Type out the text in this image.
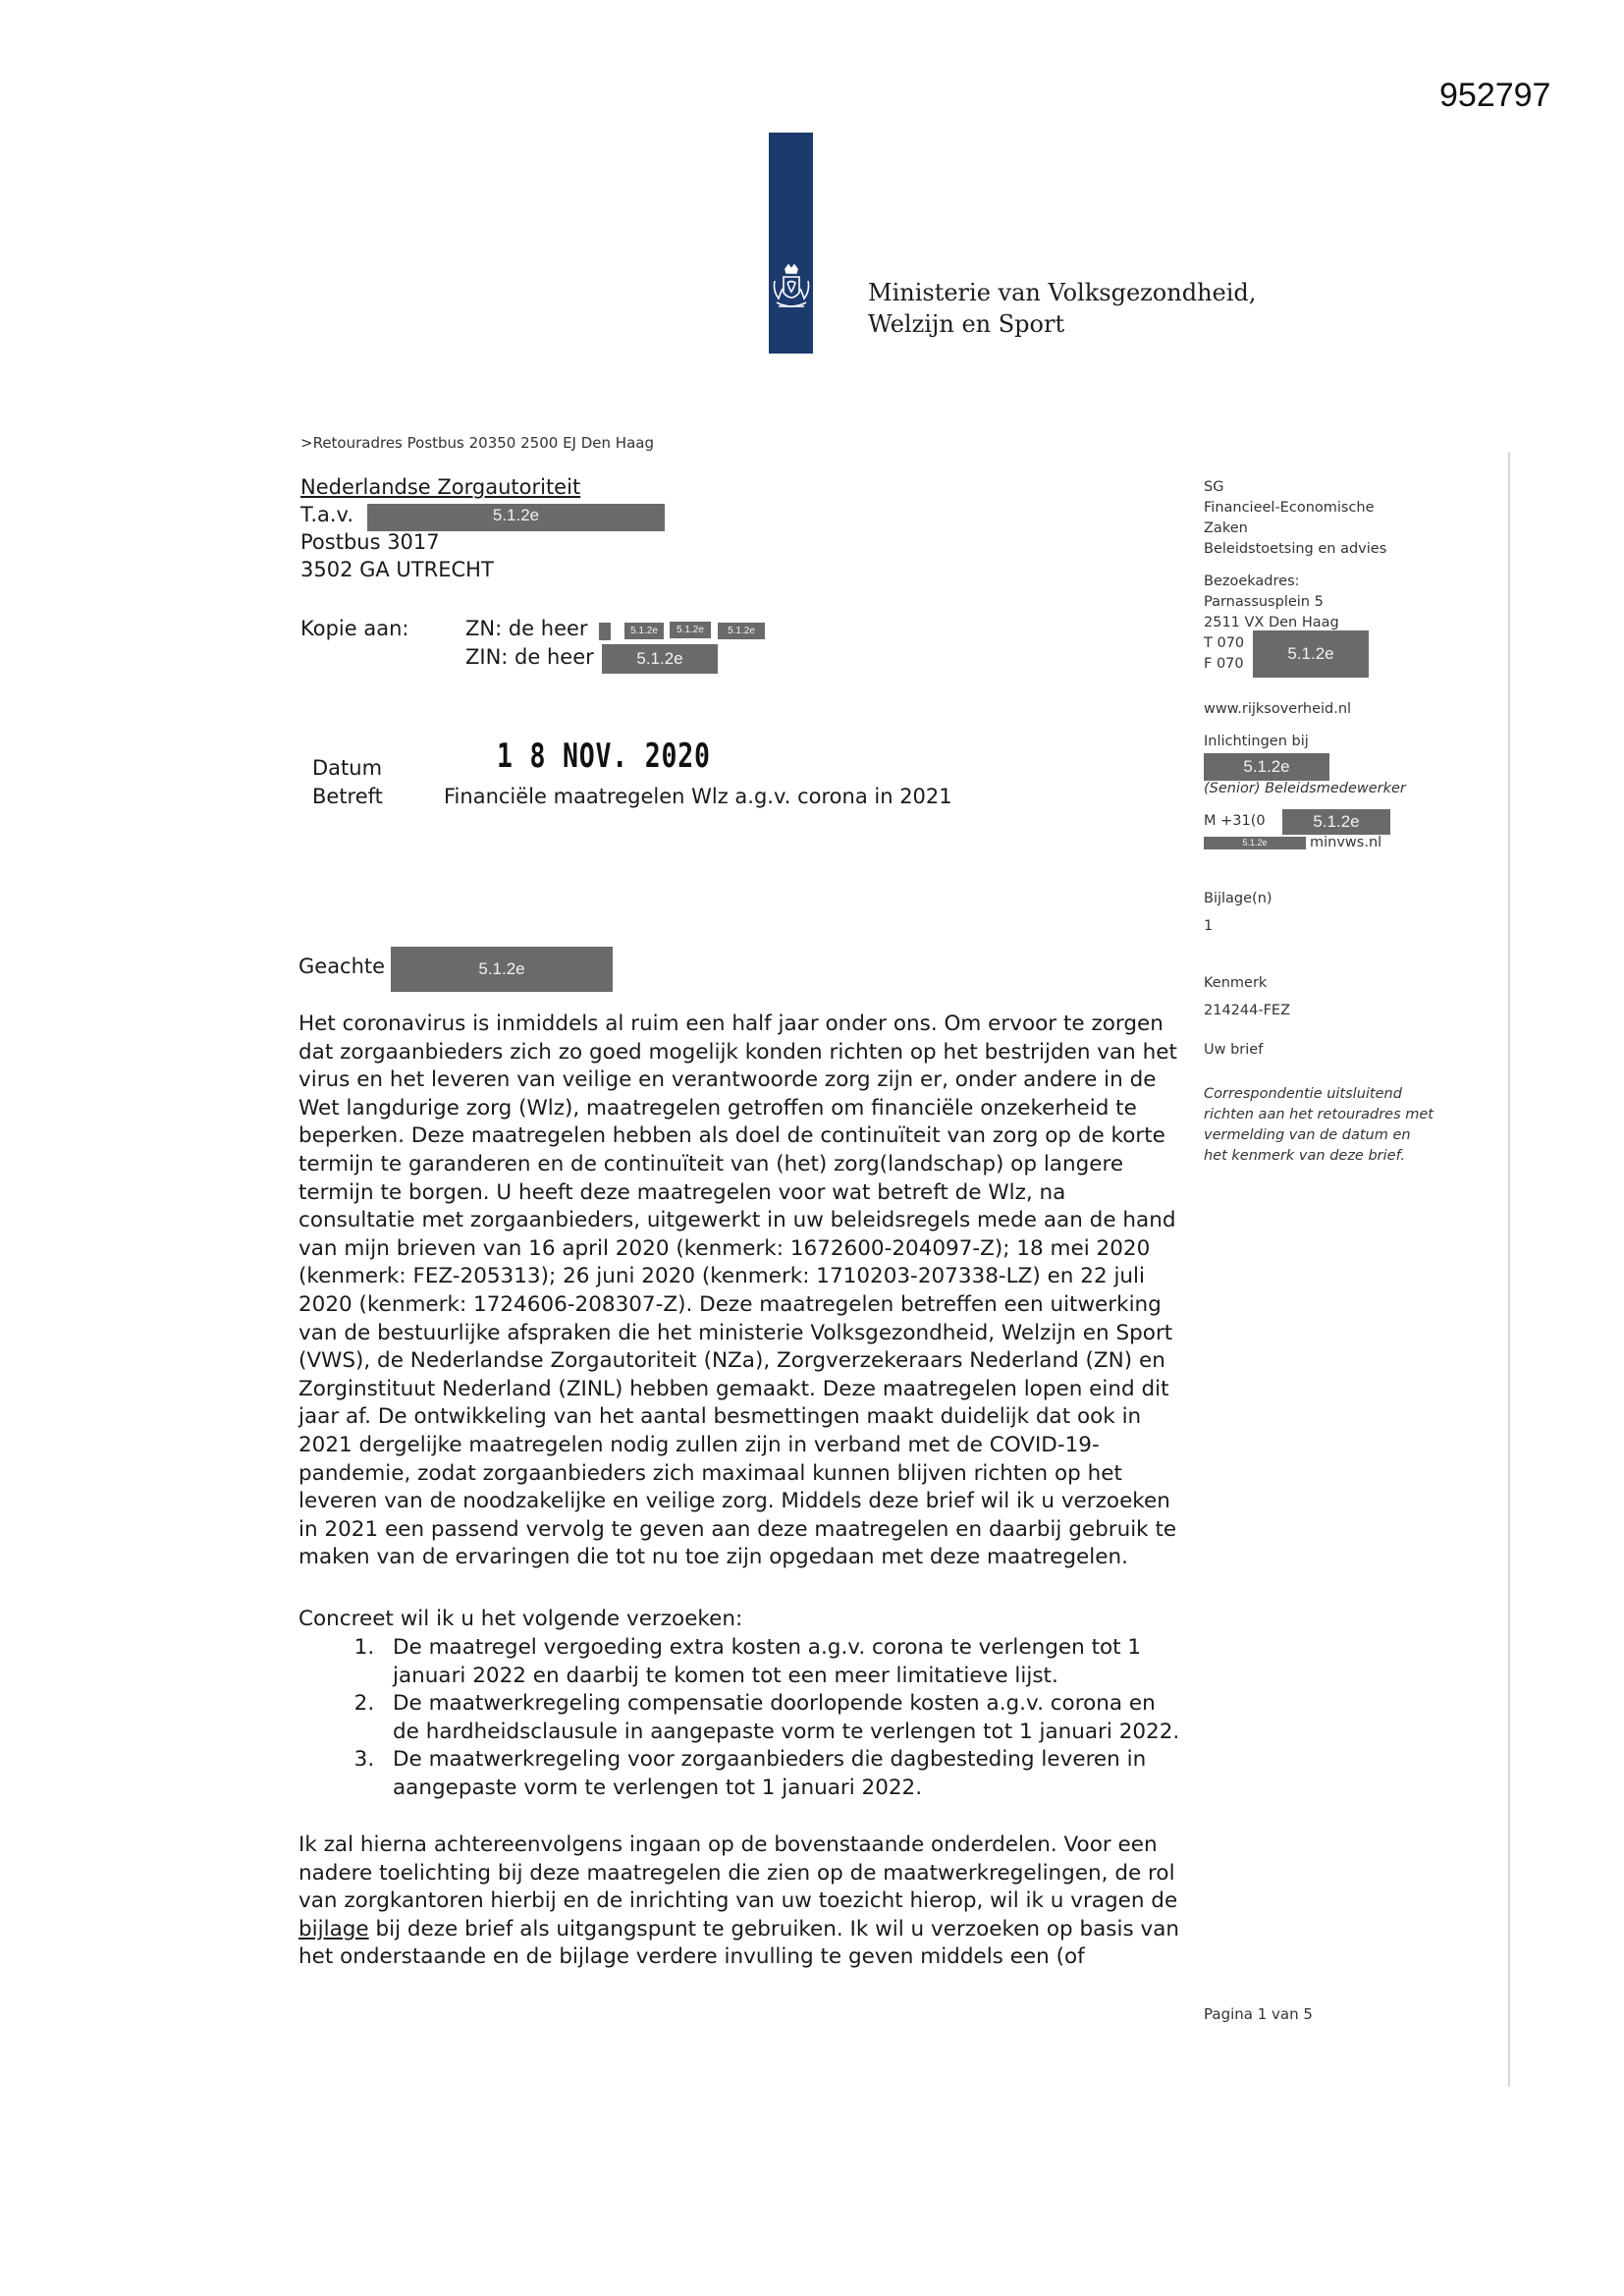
952797
Ministerie van Volksgezondheid,
Welzijn en Sport
>Retouradres Postbus 20350 2500 EJ Den Haag
Nederlandse Zorgautoriteit
T.a.v.	5.1.2e
Postbus 3017
3502 GA UTRECHT
Kopie aan:	ZN: de heer	5.1.2e	5.1.2e	5.1.2e
ZIN: de heer	5.1.2e
Datum	1 8 NOV. 2020
Betreft	Financiële maatregelen Wlz a.g.v. corona in 2021
SG
Financieel-Economische
Zaken
Beleidstoetsing en advies
Bezoekadres:
Parnassusplein 5
2511 VX Den Haag
T 070
F 070
5.1.2e
www.rijksoverheid.nl
Inlichtingen bij
5.1.2e
(Senior) Beleidsmedewerker
M +31(0	5.1.2e
5.1.2e	minvws.nl
Bijlage(n)
1
Kenmerk
214244-FEZ
Uw brief
Correspondentie uitsluitend richten aan het retouradres met vermelding van de datum en het kenmerk van deze brief.
Geachte	5.1.2e
Het coronavirus is inmiddels al ruim een half jaar onder ons. Om ervoor te zorgen dat zorgaanbieders zich zo goed mogelijk konden richten op het bestrijden van het virus en het leveren van veilige en verantwoorde zorg zijn er, onder andere in de Wet langdurige zorg (Wlz), maatregelen getroffen om financiële onzekerheid te beperken. Deze maatregelen hebben als doel de continuïteit van zorg op de korte termijn te garanderen en de continuïteit van (het) zorg(landschap) op langere termijn te borgen. U heeft deze maatregelen voor wat betreft de Wlz, na consultatie met zorgaanbieders, uitgewerkt in uw beleidsregels mede aan de hand van mijn brieven van 16 april 2020 (kenmerk: 1672600-204097-Z); 18 mei 2020 (kenmerk: FEZ-205313); 26 juni 2020 (kenmerk: 1710203-207338-LZ) en 22 juli 2020 (kenmerk: 1724606-208307-Z). Deze maatregelen betreffen een uitwerking van de bestuurlijke afspraken die het ministerie Volksgezondheid, Welzijn en Sport (VWS), de Nederlandse Zorgautoriteit (NZa), Zorgverzekeraars Nederland (ZN) en Zorginstituut Nederland (ZINL) hebben gemaakt. Deze maatregelen lopen eind dit jaar af. De ontwikkeling van het aantal besmettingen maakt duidelijk dat ook in 2021 dergelijke maatregelen nodig zullen zijn in verband met de COVID-19-pandemie, zodat zorgaanbieders zich maximaal kunnen blijven richten op het leveren van de noodzakelijke en veilige zorg. Middels deze brief wil ik u verzoeken in 2021 een passend vervolg te geven aan deze maatregelen en daarbij gebruik te maken van de ervaringen die tot nu toe zijn opgedaan met deze maatregelen.
Concreet wil ik u het volgende verzoeken:
1. De maatregel vergoeding extra kosten a.g.v. corona te verlengen tot 1 januari 2022 en daarbij te komen tot een meer limitatieve lijst.
2. De maatwerkregeling compensatie doorlopende kosten a.g.v. corona en de hardheidsclausule in aangepaste vorm te verlengen tot 1 januari 2022.
3. De maatwerkregeling voor zorgaanbieders die dagbesteding leveren in aangepaste vorm te verlengen tot 1 januari 2022.
Ik zal hierna achtereenvolgens ingaan op de bovenstaande onderdelen. Voor een nadere toelichting bij deze maatregelen die zien op de maatwerkregelingen, de rol van zorgkantoren hierbij en de inrichting van uw toezicht hierop, wil ik u vragen de bijlage bij deze brief als uitgangspunt te gebruiken. Ik wil u verzoeken op basis van het onderstaande en de bijlage verdere invulling te geven middels een (of
Pagina 1 van 5
